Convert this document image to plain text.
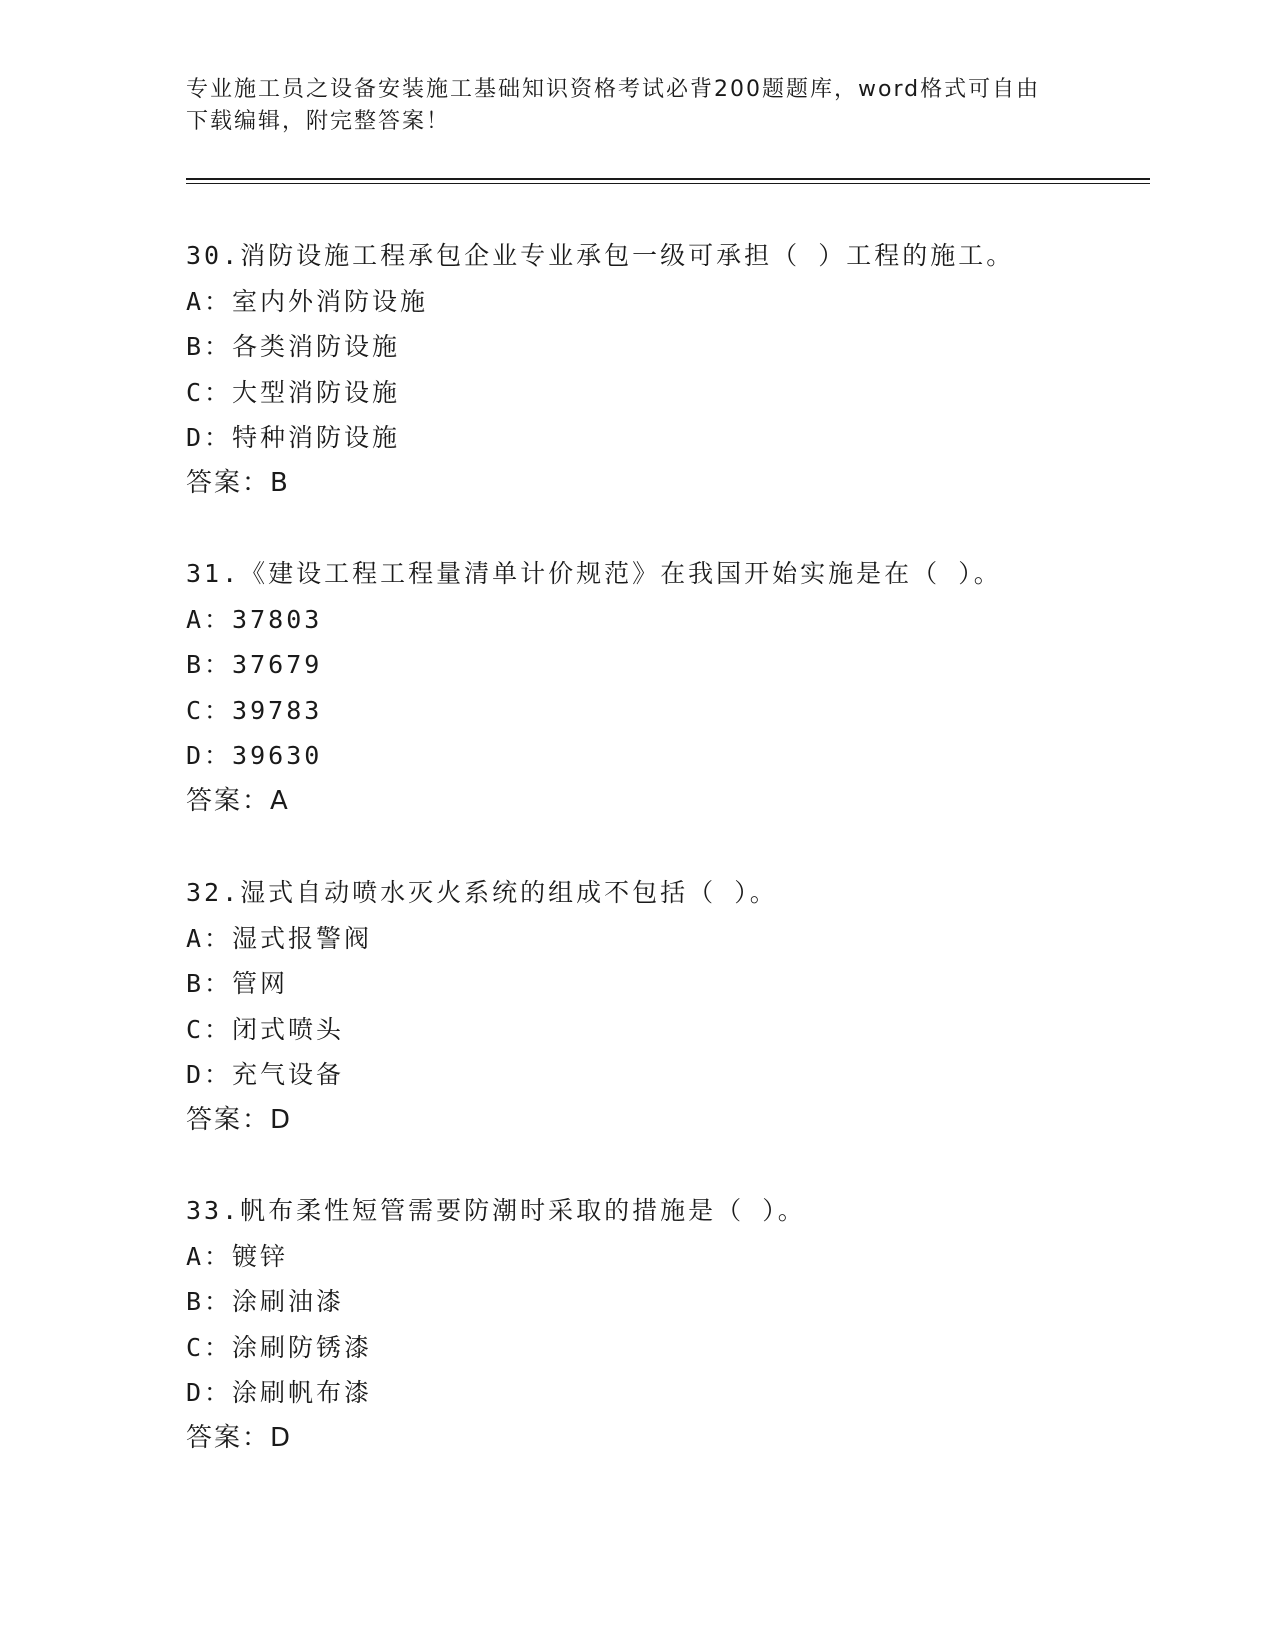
专业施工员之设备安装施工基础知识资格考试必背200题题库，word格式可自由
下载编辑，附完整答案！
30.消防设施工程承包企业专业承包一级可承担（ ）工程的施工。
A：室内外消防设施
B：各类消防设施
C：大型消防设施
D：特种消防设施
答案：B
31.《建设工程工程量清单计价规范》在我国开始实施是在（ ）。
A：37803
B：37679
C：39783
D：39630
答案：A
32.湿式自动喷水灭火系统的组成不包括（ ）。
A：湿式报警阀
B：管网
C：闭式喷头
D：充气设备
答案：D
33.帆布柔性短管需要防潮时采取的措施是（ ）。
A：镀锌
B：涂刷油漆
C：涂刷防锈漆
D：涂刷帆布漆
答案：D
